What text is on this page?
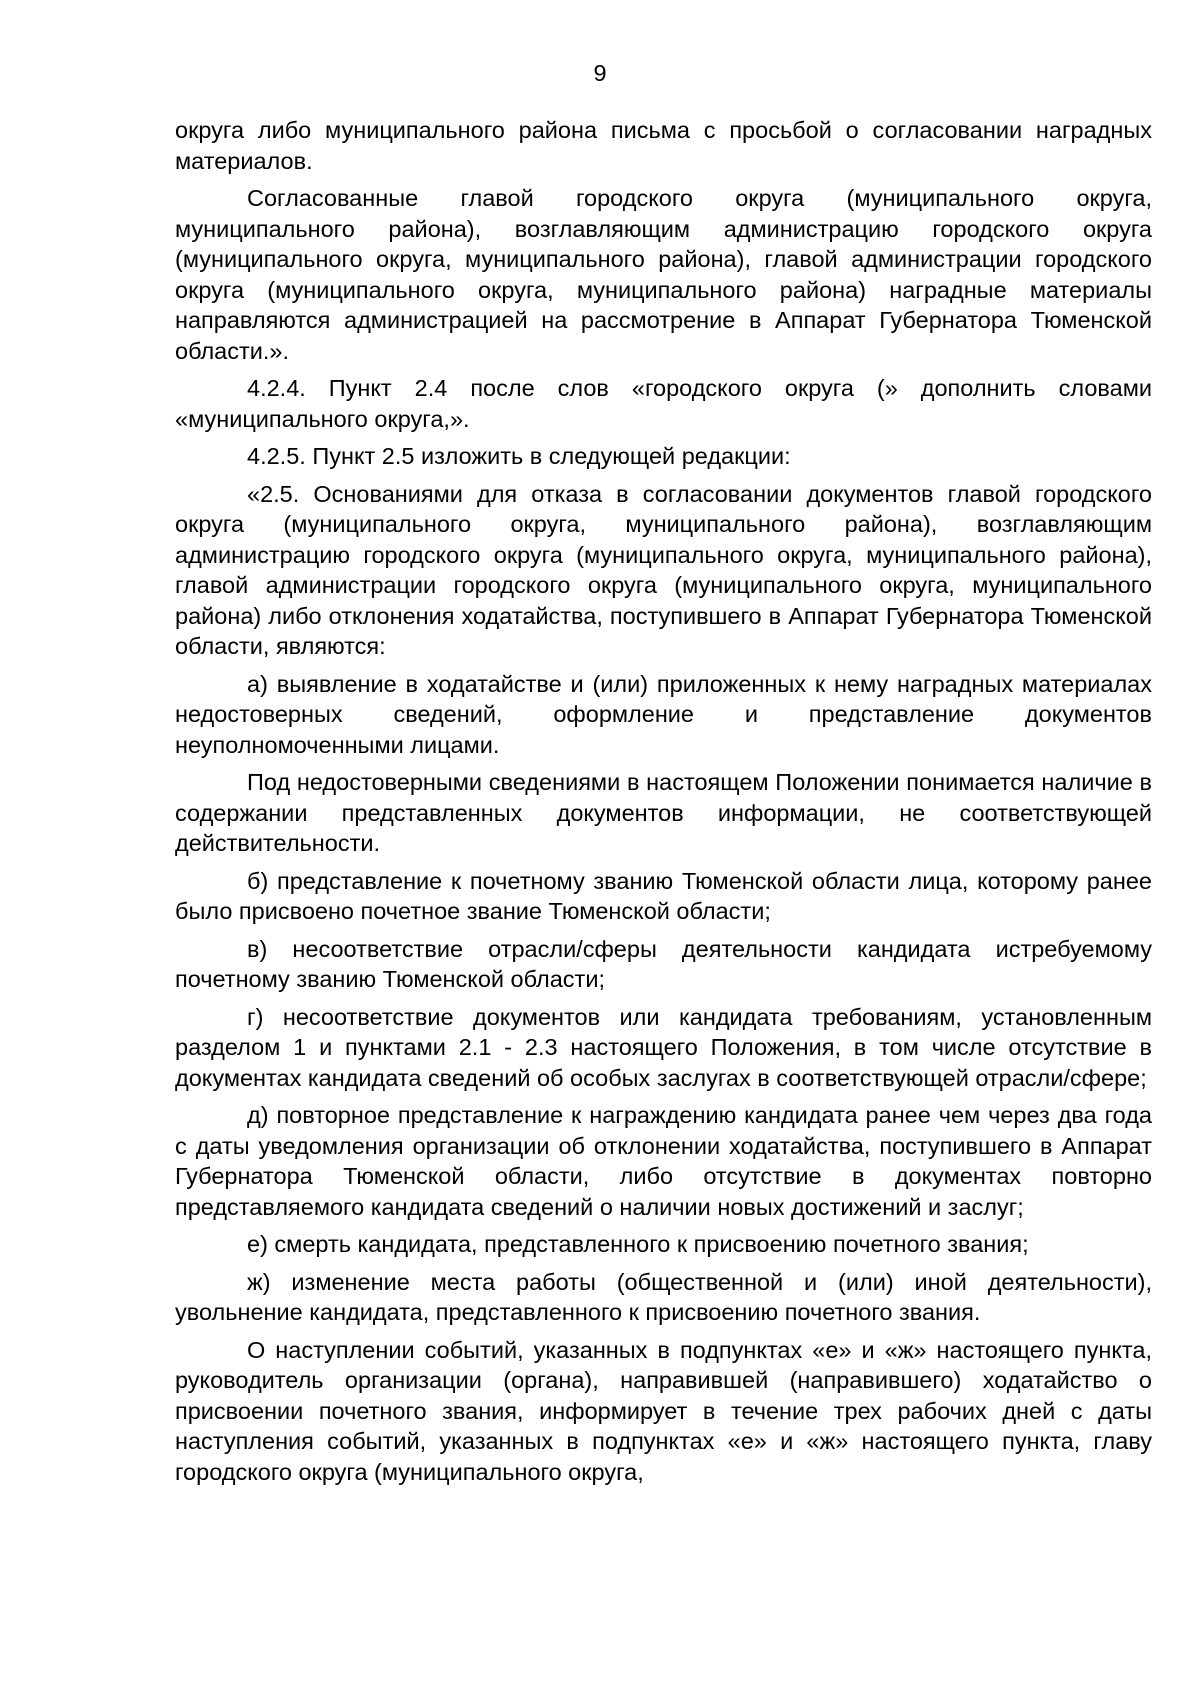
9

округа либо муниципального района письма с просьбой о согласовании наградных материалов.

Согласованные главой городского округа (муниципального округа, муниципального района), возглавляющим администрацию городского округа (муниципального округа, муниципального района), главой администрации городского округа (муниципального округа, муниципального района) наградные материалы направляются администрацией на рассмотрение в Аппарат Губернатора Тюменской области.».

4.2.4. Пункт 2.4 после слов «городского округа (» дополнить словами «муниципального округа,».

4.2.5. Пункт 2.5 изложить в следующей редакции:

«2.5. Основаниями для отказа в согласовании документов главой городского округа (муниципального округа, муниципального района), возглавляющим администрацию городского округа (муниципального округа, муниципального района), главой администрации городского округа (муниципального округа, муниципального района) либо отклонения ходатайства, поступившего в Аппарат Губернатора Тюменской области, являются:

а) выявление в ходатайстве и (или) приложенных к нему наградных материалах недостоверных сведений, оформление и представление документов неуполномоченными лицами.

Под недостоверными сведениями в настоящем Положении понимается наличие в содержании представленных документов информации, не соответствующей действительности.

б) представление к почетному званию Тюменской области лица, которому ранее было присвоено почетное звание Тюменской области;

в) несоответствие отрасли/сферы деятельности кандидата истребуемому почетному званию Тюменской области;

г) несоответствие документов или кандидата требованиям, установленным разделом 1 и пунктами 2.1 - 2.3 настоящего Положения, в том числе отсутствие в документах кандидата сведений об особых заслугах в соответствующей отрасли/сфере;

д) повторное представление к награждению кандидата ранее чем через два года с даты уведомления организации об отклонении ходатайства, поступившего в Аппарат Губернатора Тюменской области, либо отсутствие в документах повторно представляемого кандидата сведений о наличии новых достижений и заслуг;

е) смерть кандидата, представленного к присвоению почетного звания;

ж) изменение места работы (общественной и (или) иной деятельности), увольнение кандидата, представленного к присвоению почетного звания.

О наступлении событий, указанных в подпунктах «е» и «ж» настоящего пункта, руководитель организации (органа), направившей (направившего) ходатайство о присвоении почетного звания, информирует в течение трех рабочих дней с даты наступления событий, указанных в подпунктах «е» и «ж» настоящего пункта, главу городского округа (муниципального округа,
